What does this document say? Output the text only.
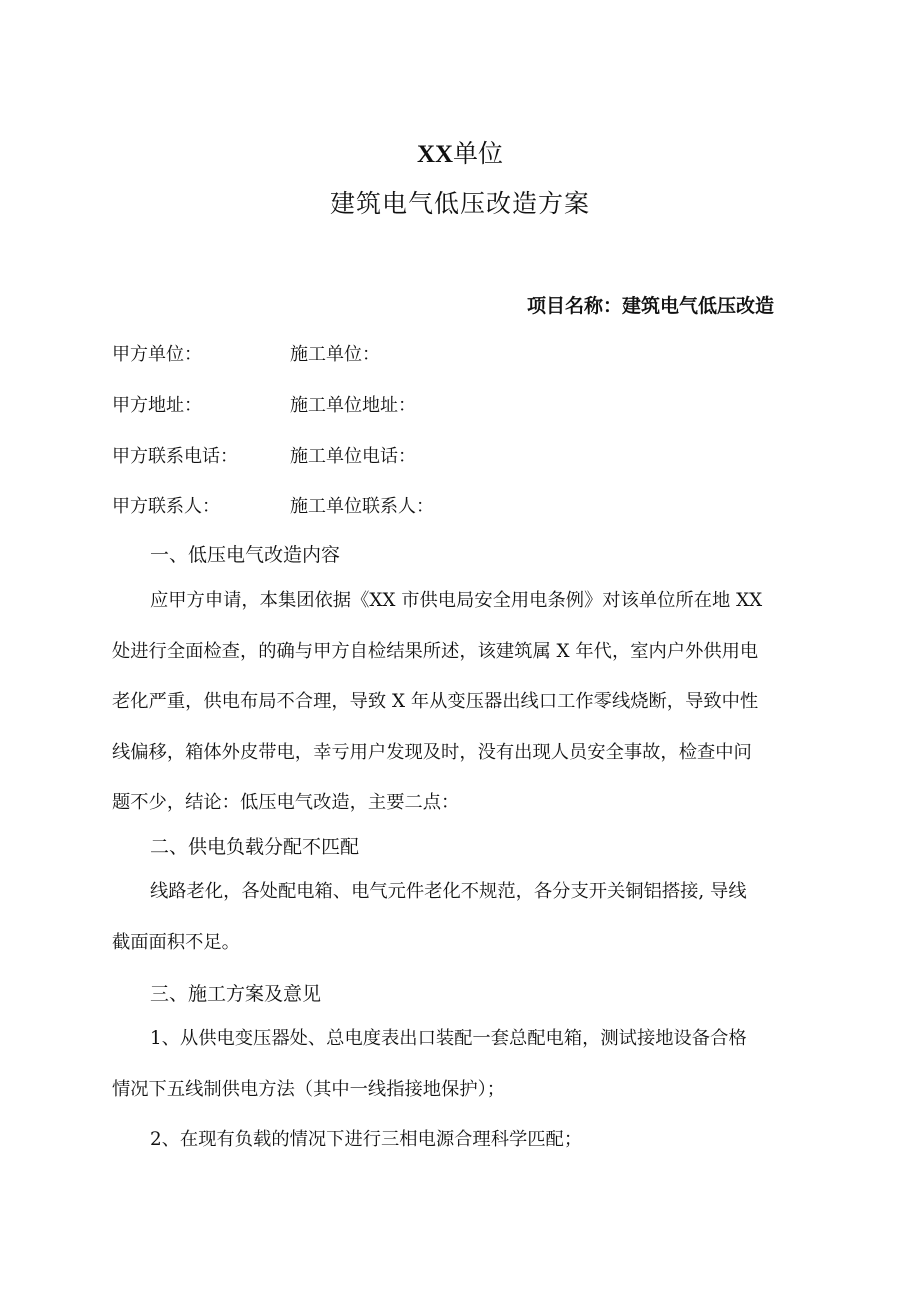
XX单位
建筑电气低压改造方案
项目名称：建筑电气低压改造
甲方单位：	施工单位：
甲方地址：	施工单位地址：
甲方联系电话：	施工单位电话：
甲方联系人：	施工单位联系人：
一、低压电气改造内容
应甲方申请，本集团依据《XX 市供电局安全用电条例》对该单位所在地 XX
处进行全面检查，的确与甲方自检结果所述，该建筑属 X 年代，室内户外供用电
老化严重，供电布局不合理，导致 X 年从变压器出线口工作零线烧断，导致中性
线偏移，箱体外皮带电，幸亏用户发现及时，没有出现人员安全事故，检查中问
题不少，结论：低压电气改造，主要二点：
二、供电负载分配不匹配
线路老化，各处配电箱、电气元件老化不规范，各分支开关铜铝搭接, 导线
截面面积不足。
三、施工方案及意见
1、从供电变压器处、总电度表出口装配一套总配电箱，测试接地设备合格
情况下五线制供电方法（其中一线指接地保护）；
2、在现有负载的情况下进行三相电源合理科学匹配；
